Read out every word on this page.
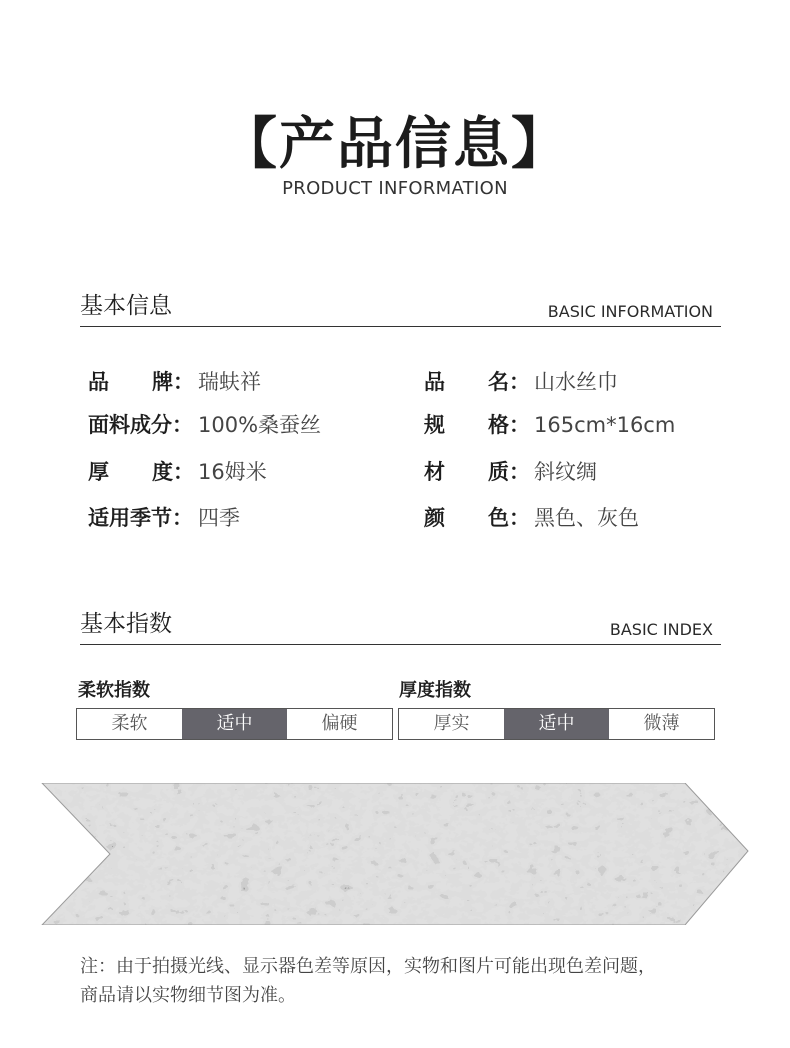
【产品信息】
PRODUCT INFORMATION
基本信息	BASIC INFORMATION
品 牌： 瑞蚨祥	品 名： 山水丝巾
面料成分： 100%桑蚕丝	规 格： 165cm*16cm
厚 度： 16姆米	材 质： 斜纹绸
适用季节： 四季	颜 色： 黑色、灰色
基本指数	BASIC INDEX
柔软指数
柔软	适中	偏硬
厚度指数
厚实	适中	微薄
注：由于拍摄光线、显示器色差等原因，实物和图片可能出现色差问题，
商品请以实物细节图为准。
